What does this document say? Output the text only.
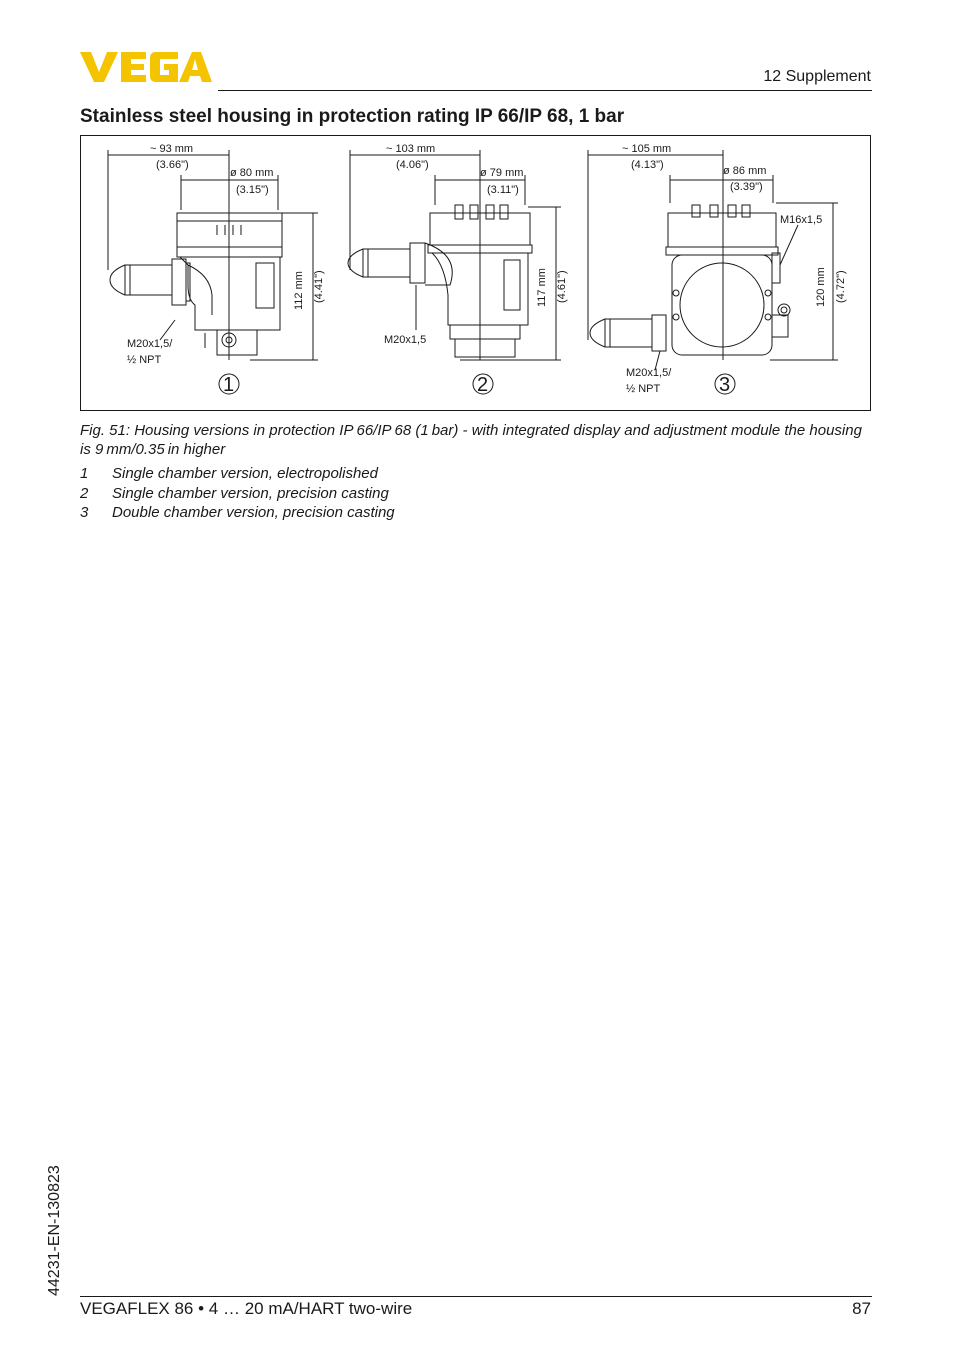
12 Supplement
Stainless steel housing in protection rating IP 66/IP 68, 1 bar
~ 93 mm
(3.66")
ø 80 mm
(3.15")
112 mm (4.41")
M20x1,5/
½ NPT
1
~ 103 mm
(4.06")
ø 79 mm
(3.11")
117 mm (4.61")
M20x1,5
2
~ 105 mm
(4.13")	ø 86 mm
(3.39")
M16x1,5
120 mm (4.72")
M20x1,5/
½ NPT	3
Fig. 51: Housing versions in protection IP 66/IP 68 (1 bar) - with integrated display and adjustment module the housing is 9 mm/0.35 in higher
1 Single chamber version, electropolished
2 Single chamber version, precision casting
3 Double chamber version, precision casting
44231-EN-130823
VEGAFLEX 86 • 4 … 20 mA/HART two-wire	87
